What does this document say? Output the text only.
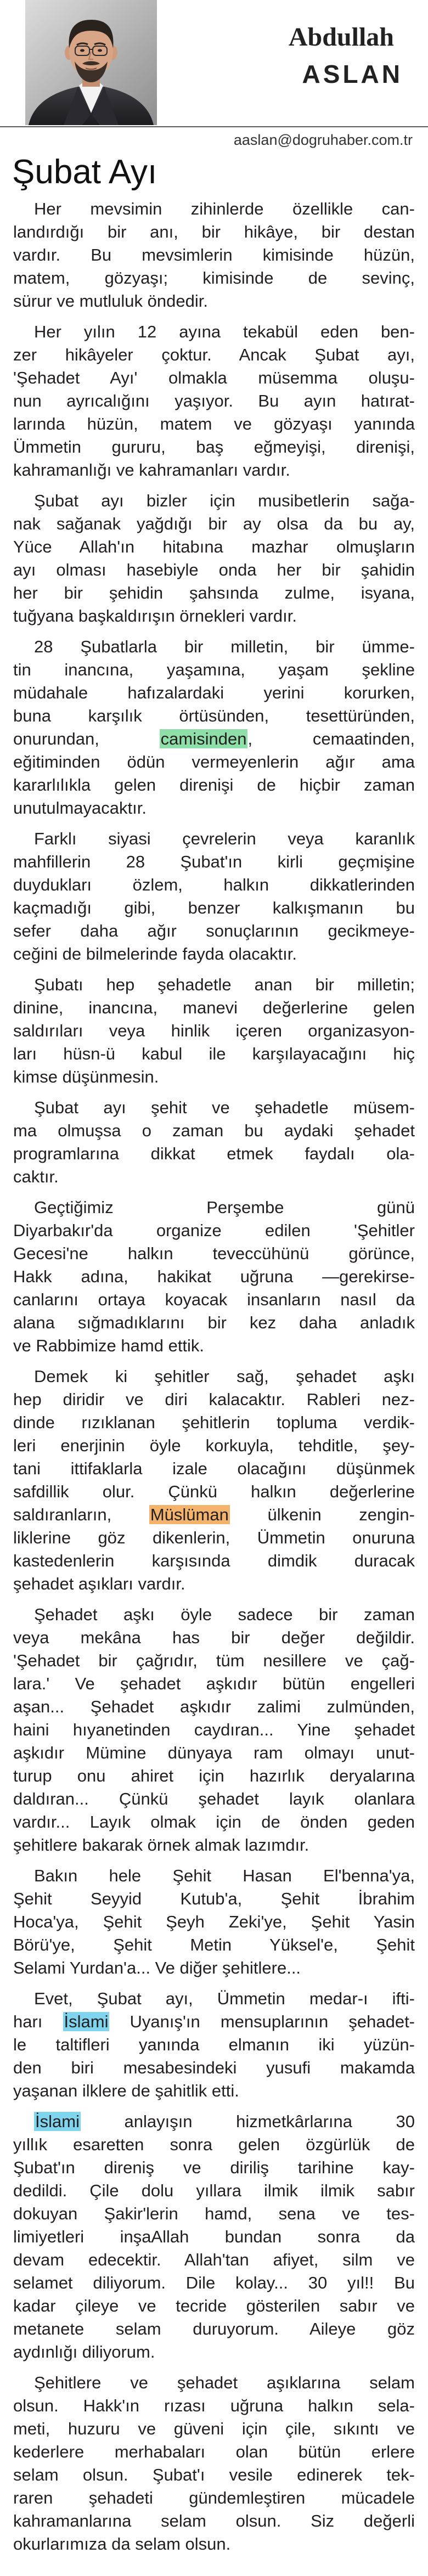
Abdullah
ASLAN
aaslan@dogruhaber.com.tr
Şubat Ayı
Her mevsimin zihinlerde özellikle can-
landırdığı bir anı, bir hikâye, bir destan
vardır. Bu mevsimlerin kimisinde hüzün,
matem, gözyaşı; kimisinde de sevinç,
sürur ve mutluluk öndedir.
Her yılın 12 ayına tekabül eden ben-
zer hikâyeler çoktur. Ancak Şubat ayı,
'Şehadet Ayı' olmakla müsemma oluşu-
nun ayrıcalığını yaşıyor. Bu ayın hatırat-
larında hüzün, matem ve gözyaşı yanında
Ümmetin gururu, baş eğmeyişi, direnişi,
kahramanlığı ve kahramanları vardır.
Şubat ayı bizler için musibetlerin sağa-
nak sağanak yağdığı bir ay olsa da bu ay,
Yüce Allah'ın hitabına mazhar olmuşların
ayı olması hasebiyle onda her bir şahidin
her bir şehidin şahsında zulme, isyana,
tuğyana başkaldırışın örnekleri vardır.
28 Şubatlarla bir milletin, bir ümme-
tin inancına, yaşamına, yaşam şekline
müdahale hafızalardaki yerini korurken,
buna karşılık örtüsünden, tesettüründen,
onurundan, camisinden, cemaatinden,
eğitiminden ödün vermeyenlerin ağır ama
kararlılıkla gelen direnişi de hiçbir zaman
unutulmayacaktır.
Farklı siyasi çevrelerin veya karanlık
mahfillerin 28 Şubat'ın kirli geçmişine
duydukları özlem, halkın dikkatlerinden
kaçmadığı gibi, benzer kalkışmanın bu
sefer daha ağır sonuçlarının gecikmeye-
ceğini de bilmelerinde fayda olacaktır.
Şubatı hep şehadetle anan bir milletin;
dinine, inancına, manevi değerlerine gelen
saldırıları veya hinlik içeren organizasyon-
ları hüsn-ü kabul ile karşılayacağını hiç
kimse düşünmesin.
Şubat ayı şehit ve şehadetle müsem-
ma olmuşsa o zaman bu aydaki şehadet
programlarına dikkat etmek faydalı ola-
caktır.
Geçtiğimiz Perşembe günü
Diyarbakır'da organize edilen 'Şehitler
Gecesi'ne halkın teveccühünü görünce,
Hakk adına, hakikat uğruna —gerekirse-
canlarını ortaya koyacak insanların nasıl da
alana sığmadıklarını bir kez daha anladık
ve Rabbimize hamd ettik.
Demek ki şehitler sağ, şehadet aşkı
hep diridir ve diri kalacaktır. Rableri nez-
dinde rızıklanan şehitlerin topluma verdik-
leri enerjinin öyle korkuyla, tehditle, şey-
tani ittifaklarla izale olacağını düşünmek
safdillik olur. Çünkü halkın değerlerine
saldıranların, Müslüman ülkenin zengin-
liklerine göz dikenlerin, Ümmetin onuruna
kastedenlerin karşısında dimdik duracak
şehadet aşıkları vardır.
Şehadet aşkı öyle sadece bir zaman
veya mekâna has bir değer değildir.
'Şehadet bir çağrıdır, tüm nesillere ve çağ-
lara.' Ve şehadet aşkıdır bütün engelleri
aşan... Şehadet aşkıdır zalimi zulmünden,
haini hıyanetinden caydıran... Yine şehadet
aşkıdır Mümine dünyaya ram olmayı unut-
turup onu ahiret için hazırlık deryalarına
daldıran... Çünkü şehadet layık olanlara
vardır... Layık olmak için de önden geden
şehitlere bakarak örnek almak lazımdır.
Bakın hele Şehit Hasan El'benna'ya,
Şehit Seyyid Kutub'a, Şehit İbrahim
Hoca'ya, Şehit Şeyh Zeki'ye, Şehit Yasin
Börü'ye, Şehit Metin Yüksel'e, Şehit
Selami Yurdan'a... Ve diğer şehitlere...
Evet, Şubat ayı, Ümmetin medar-ı ifti-
harı İslami Uyanış'ın mensuplarının şehadet-
le taltifleri yanında elmanın iki yüzün-
den biri mesabesindeki yusufi makamda
yaşanan ilklere de şahitlik etti.
İslami anlayışın hizmetkârlarına 30
yıllık esaretten sonra gelen özgürlük de
Şubat'ın direniş ve diriliş tarihine kay-
dedildi. Çile dolu yıllara ilmik ilmik sabır
dokuyan Şakir'lerin hamd, sena ve tes-
limiyetleri inşaAllah bundan sonra da
devam edecektir. Allah'tan afiyet, silm ve
selamet diliyorum. Dile kolay... 30 yıl!! Bu
kadar çileye ve tecride gösterilen sabır ve
metanete selam duruyorum. Aileye göz
aydınlığı diliyorum.
Şehitlere ve şehadet aşıklarına selam
olsun. Hakk'ın rızası uğruna halkın sela-
meti, huzuru ve güveni için çile, sıkıntı ve
kederlere merhabaları olan bütün erlere
selam olsun. Şubat'ı vesile edinerek tek-
raren şehadeti gündemleştiren mücadele
kahramanlarına selam olsun. Siz değerli
okurlarımıza da selam olsun.
